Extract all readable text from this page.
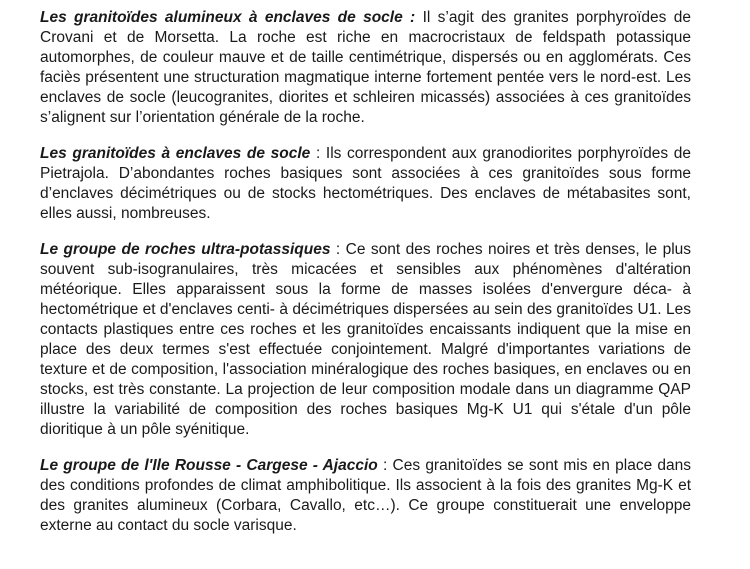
Les granitoïdes alumineux à enclaves de socle : Il s’agit des granites porphyroïdes de Crovani et de Morsetta. La roche est riche en macrocristaux de feldspath potassique automorphes, de couleur mauve et de taille centimétrique, dispersés ou en agglomérats. Ces faciès présentent une structuration magmatique interne fortement pentée vers le nord-est. Les enclaves de socle (leucogranites, diorites et schleiren micassés) associées à ces granitoïdes s’alignent sur l’orientation générale de la roche.

Les granitoïdes à enclaves de socle : Ils correspondent aux granodiorites porphyroïdes de Pietrajola. D’abondantes roches basiques sont associées à ces granitoïdes sous forme d’enclaves décimétriques ou de stocks hectométriques. Des enclaves de métabasites sont, elles aussi, nombreuses.

Le groupe de roches ultra-potassiques : Ce sont des roches noires et très denses, le plus souvent sub-isogranulaires, très micacées et sensibles aux phénomènes d'altération météorique. Elles apparaissent sous la forme de masses isolées d'envergure déca- à hectométrique et d'enclaves centi- à décimétriques dispersées au sein des granitoïdes U1. Les contacts plastiques entre ces roches et les granitoïdes encaissants indiquent que la mise en place des deux termes s'est effectuée conjointement. Malgré d'importantes variations de texture et de composition, l'association minéralogique des roches basiques, en enclaves ou en stocks, est très constante. La projection de leur composition modale dans un diagramme QAP illustre la variabilité de composition des roches basiques Mg-K U1 qui s'étale d'un pôle dioritique à un pôle syénitique.

Le groupe de l'Ile Rousse - Cargese - Ajaccio : Ces granitoïdes se sont mis en place dans des conditions profondes de climat amphibolitique. Ils associent à la fois des granites Mg-K et des granites alumineux (Corbara, Cavallo, etc…). Ce groupe constituerait une enveloppe externe au contact du socle varisque.
